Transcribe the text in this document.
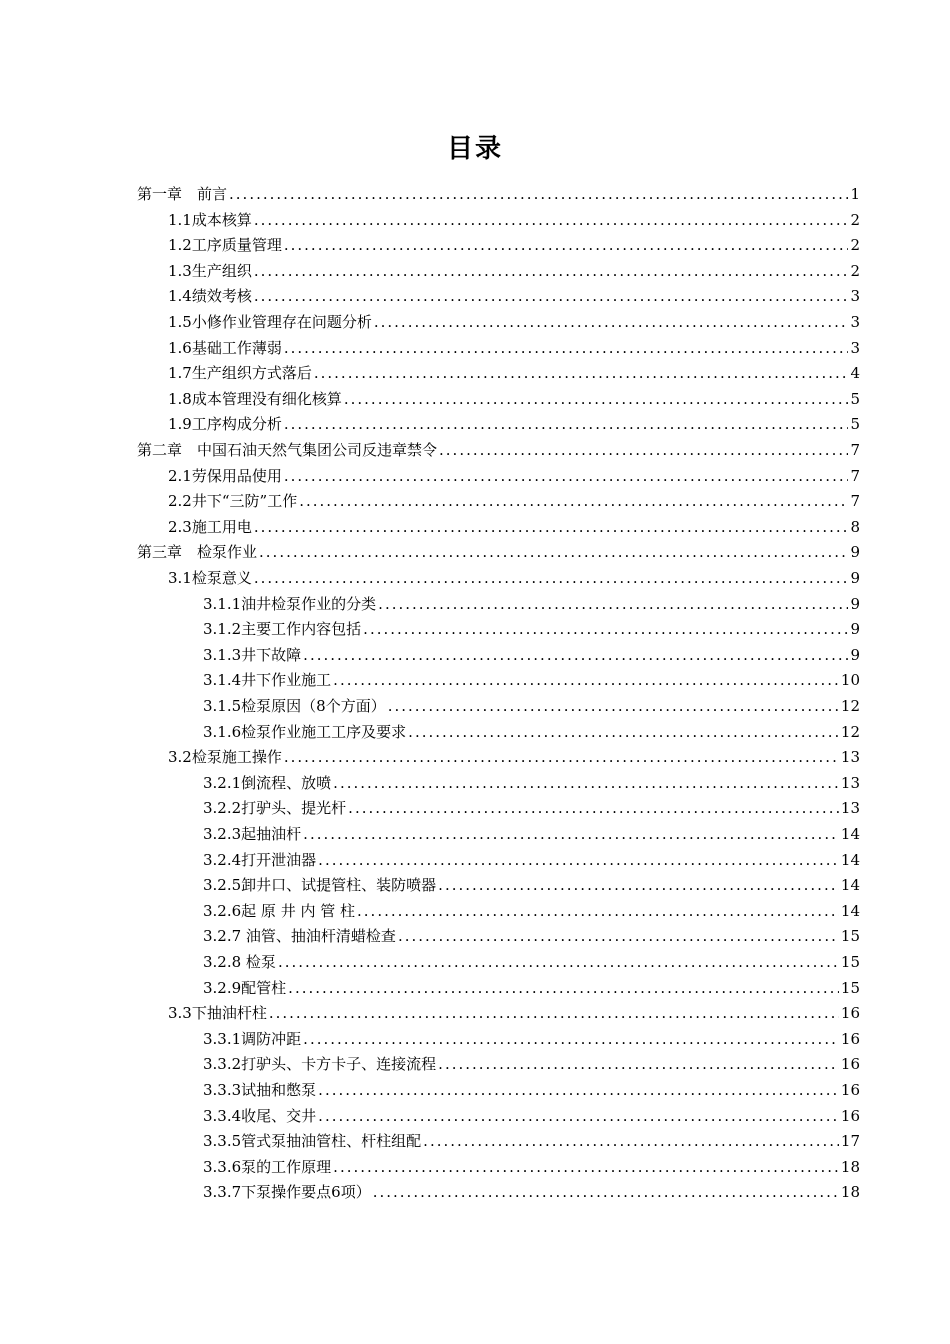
目录
第一章　前言 .....	1
1.1成本核算 .....	2
1.2工序质量管理 .....	2
1.3生产组织 .....	2
1.4绩效考核 .....	3
1.5小修作业管理存在问题分析 .....	3
1.6基础工作薄弱 .....	3
1.7生产组织方式落后 .....	4
1.8成本管理没有细化核算 .....	5
1.9工序构成分析 .....	5
第二章　中国石油天然气集团公司反违章禁令 .....	7
2.1劳保用品使用 .....	7
2.2井下“三防”工作 .....	7
2.3施工用电 .....	8
第三章　检泵作业 .....	9
3.1检泵意义 .....	9
3.1.1油井检泵作业的分类 .....	9
3.1.2主要工作内容包括 .....	9
3.1.3井下故障 .....	9
3.1.4井下作业施工 .....	10
3.1.5检泵原因（8个方面） .....	12
3.1.6检泵作业施工工序及要求 .....	12
3.2检泵施工操作 .....	13
3.2.1倒流程、放喷 .....	13
3.2.2打驴头、提光杆 .....	13
3.2.3起抽油杆 .....	14
3.2.4打开泄油器 .....	14
3.2.5卸井口、试提管柱、装防喷器 .....	14
3.2.6起 原 井 内 管 柱 .....	14
3.2.7 油管、抽油杆清蜡检查 .....	15
3.2.8 检泵 .....	15
3.2.9配管柱 .....	15
3.3下抽油杆柱 .....	16
3.3.1调防冲距 .....	16
3.3.2打驴头、卡方卡子、连接流程 .....	16
3.3.3试抽和憋泵 .....	16
3.3.4收尾、交井 .....	16
3.3.5管式泵抽油管柱、杆柱组配 .....	17
3.3.6泵的工作原理 .....	18
3.3.7下泵操作要点6项） .....	18
